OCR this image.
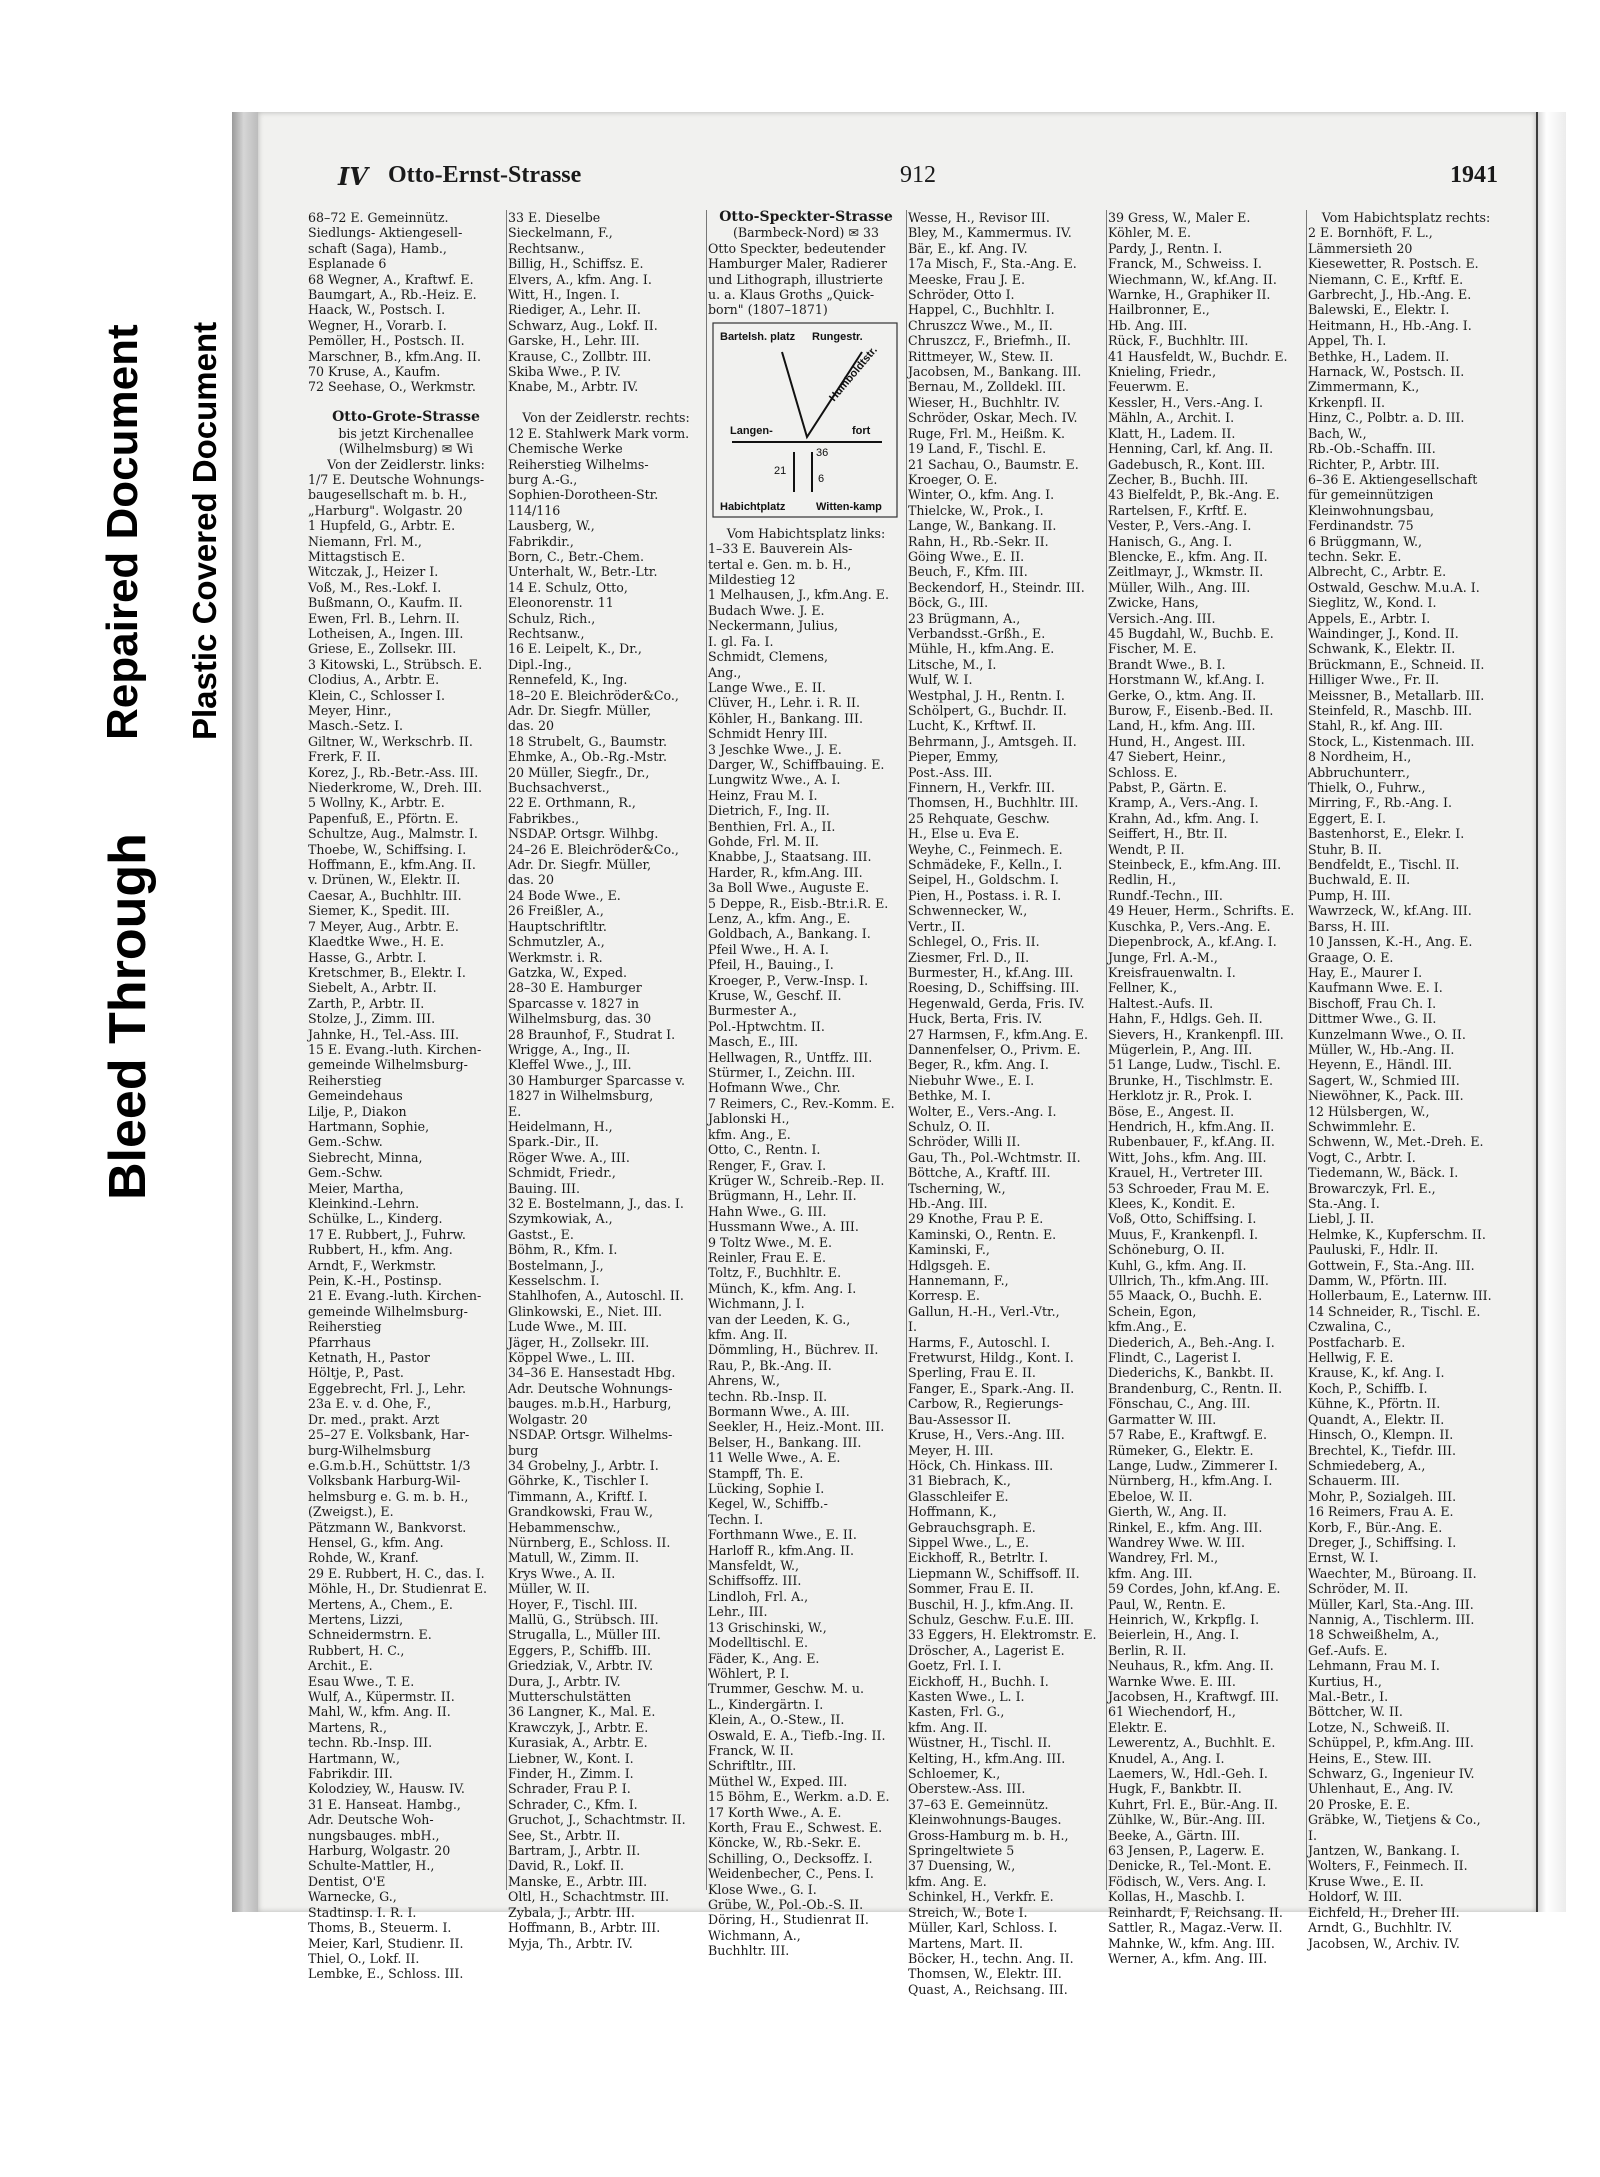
Bleed Through
Repaired Document Plastic Covered Document
IV Otto-Ernst-Strasse	912	1941
68–72 E. Gemeinnütz.
Siedlungs- Aktiengesell-
schaft (Saga), Hamb.,
Esplanade 6
68 Wegner, A., Kraftwf. E.
Baumgart, A., Rb.-Heiz. E.
Haack, W., Postsch. I.
Wegner, H., Vorarb. I.
Pemöller, H., Postsch. II.
Marschner, B., kfm.Ang. II.
70 Kruse, A., Kaufm.
72 Seehase, O., Werkmstr.

Otto-Grote-Strasse
bis jetzt Kirchenallee
(Wilhelmsburg) ✉ Wi
Von der Zeidlerstr. links:
1/7 E. Deutsche Wohnungs-
baugesellschaft m. b. H.,
„Harburg". Wolgastr. 20
1 Hupfeld, G., Arbtr. E.
Niemann, Frl. M.,
Mittagstisch E.
Witczak, J., Heizer I.
Voß, M., Res.-Lokf. I.
Bußmann, O., Kaufm. II.
Ewen, Frl. B., Lehrn. II.
Lotheisen, A., Ingen. III.
Griese, E., Zollsekr. III.
3 Kitowski, L., Strübsch. E.
Clodius, A., Arbtr. E.
Klein, C., Schlosser I.
Meyer, Hinr.,
Masch.-Setz. I.
Giltner, W., Werkschrb. II.
Frerk, F. II.
Korez, J., Rb.-Betr.-Ass. III.
Niederkrome, W., Dreh. III.
5 Wollny, K., Arbtr. E.
Papenfuß, E., Pförtn. E.
Schultze, Aug., Malmstr. I.
Thoebe, W., Schiffsing. I.
Hoffmann, E., kfm.Ang. II.
v. Drünen, W., Elektr. II.
Caesar, A., Buchhltr. III.
Siemer, K., Spedit. III.
7 Meyer, Aug., Arbtr. E.
Klaedtke Wwe., H. E.
Hasse, G., Arbtr. I.
Kretschmer, B., Elektr. I.
Siebelt, A., Arbtr. II.
Zarth, P., Arbtr. II.
Stolze, J., Zimm. III.
Jahnke, H., Tel.-Ass. III.
15 E. Evang.-luth. Kirchen-
gemeinde Wilhelmsburg-
Reiherstieg
Gemeindehaus
Lilje, P., Diakon
Hartmann, Sophie,
Gem.-Schw.
Siebrecht, Minna,
Gem.-Schw.
Meier, Martha,
Kleinkind.-Lehrn.
Schülke, L., Kinderg.
17 E. Rubbert, J., Fuhrw.
Rubbert, H., kfm. Ang.
Arndt, F., Werkmstr.
Pein, K.-H., Postinsp.
21 E. Evang.-luth. Kirchen-
gemeinde Wilhelmsburg-
Reiherstieg
Pfarrhaus
Ketnath, H., Pastor
Höltje, P., Past.
Eggebrecht, Frl. J., Lehr.
23a E. v. d. Ohe, F.,
Dr. med., prakt. Arzt
25–27 E. Volksbank, Har-
burg-Wilhelmsburg
e.G.m.b.H., Schüttstr. 1/3
Volksbank Harburg-Wil-
helmsburg e. G. m. b. H.,
(Zweigst.), E.
Pätzmann W., Bankvorst.
Hensel, G., kfm. Ang.
Rohde, W., Kranf.
29 E. Rubbert, H. C., das. I.
Möhle, H., Dr. Studienrat E.
Mertens, A., Chem., E.
Mertens, Lizzi,
Schneidermstrn. E.
Rubbert, H. C.,
Archit., E.
Esau Wwe., T. E.
Wulf, A., Küpermstr. II.
Mahl, W., kfm. Ang. II.
Martens, R.,
techn. Rb.-Insp. III.
Hartmann, W.,
Fabrikdir. III.
Kolodziey, W., Hausw. IV.
31 E. Hanseat. Hambg.,
Adr. Deutsche Woh-
nungsbauges. mbH.,
Harburg, Wolgastr. 20
Schulte-Mattler, H.,
Dentist, O'E
Warnecke, G.,
Stadtinsp. I. R. I.
Thoms, B., Steuerm. I.
Meier, Karl, Studienr. II.
Thiel, O., Lokf. II.
Lembke, E., Schloss. III.
33 E. Dieselbe
Sieckelmann, F.,
Rechtsanw.,
Billig, H., Schiffsz. E.
Elvers, A., kfm. Ang. I.
Witt, H., Ingen. I.
Riediger, A., Lehr. II.
Schwarz, Aug., Lokf. II.
Garske, H., Lehr. III.
Krause, C., Zollbtr. III.
Skiba Wwe., P. IV.
Knabe, M., Arbtr. IV.

Von der Zeidlerstr. rechts:
12 E. Stahlwerk Mark vorm.
Chemische Werke
Reiherstieg Wilhelms-
burg A.-G.,
Sophien-Dorotheen-Str.
114/116
Lausberg, W.,
Fabrikdir.,
Born, C., Betr.-Chem.
Unterhalt, W., Betr.-Ltr.
14 E. Schulz, Otto,
Eleonorenstr. 11
Schulz, Rich.,
Rechtsanw.,
16 E. Leipelt, K., Dr.,
Dipl.-Ing.,
Rennefeld, K., Ing.
18–20 E. Bleichröder&Co.,
Adr. Dr. Siegfr. Müller,
das. 20
18 Strubelt, G., Baumstr.
Ehmke, A., Ob.-Rg.-Mstr.
20 Müller, Siegfr., Dr.,
Buchsachverst.,
22 E. Orthmann, R.,
Fabrikbes.,
NSDAP. Ortsgr. Wilhbg.
24–26 E. Bleichröder&Co.,
Adr. Dr. Siegfr. Müller,
das. 20
24 Bode Wwe., E.
26 Freißler, A.,
Hauptschriftltr.
Schmutzler, A.,
Werkmstr. i. R.
Gatzka, W., Exped.
28–30 E. Hamburger
Sparcasse v. 1827 in
Wilhelmsburg, das. 30
28 Braunhof, F., Studrat I.
Wrigge, A., Ing., II.
Kleffel Wwe., J., III.
30 Hamburger Sparcasse v.
1827 in Wilhelmsburg,
E.
Heidelmann, H.,
Spark.-Dir., II.
Röger Wwe. A., III.
Schmidt, Friedr.,
Bauing. III.
32 E. Bostelmann, J., das. I.
Szymkowiak, A.,
Gastst., E.
Böhm, R., Kfm. I.
Bostelmann, J.,
Kesselschm. I.
Stahlhofen, A., Autoschl. II.
Glinkowski, E., Niet. III.
Lude Wwe., M. III.
Jäger, H., Zollsekr. III.
Köppel Wwe., L. III.
34–36 E. Hansestadt Hbg.
Adr. Deutsche Wohnungs-
bauges. m.b.H., Harburg,
Wolgastr. 20
NSDAP. Ortsgr. Wilhelms-
burg
34 Grobelny, J., Arbtr. I.
Göhrke, K., Tischler I.
Timmann, A., Kriftf. I.
Grandkowski, Frau W.,
Hebammenschw.,
Nürnberg, E., Schloss. II.
Matull, W., Zimm. II.
Krys Wwe., A. II.
Müller, W. II.
Hoyer, F., Tischl. III.
Mallü, G., Strübsch. III.
Strugalla, L., Müller III.
Eggers, P., Schiffb. III.
Griedziak, V., Arbtr. IV.
Dura, J., Arbtr. IV.
Mutterschulstätten
36 Langner, K., Mal. E.
Krawczyk, J., Arbtr. E.
Kurasiak, A., Arbtr. E.
Liebner, W., Kont. I.
Finder, H., Zimm. I.
Schrader, Frau P. I.
Schrader, C., Kfm. I.
Gruchot, J., Schachtmstr. II.
See, St., Arbtr. II.
Bartram, J., Arbtr. II.
David, R., Lokf. II.
Manske, E., Arbtr. III.
Oltl, H., Schachtmstr. III.
Zybala, J., Arbtr. III.
Hoffmann, B., Arbtr. III.
Myja, Th., Arbtr. IV.
Otto-Speckter-Strasse
(Barmbeck-Nord) ✉ 33
Otto Speckter, bedeutender
Hamburger Maler, Radierer
und Lithograph, illustrierte
u. a. Klaus Groths „Quick-
born" (1807–1871)
Bartelsh. platz Rungestr.
Humboldtstr.
Langen-	fort
Habichtplatz	Witten-kamp
36
21
6
Vom Habichtsplatz links:
1–33 E. Bauverein Als-
tertal e. Gen. m. b. H.,
Mildestieg 12
1 Melhausen, J., kfm.Ang. E.
Budach Wwe. J. E.
Neckermann, Julius,
I. gl. Fa. I.
Schmidt, Clemens,
Ang.,
Lange Wwe., E. II.
Clüver, H., Lehr. i. R. II.
Köhler, H., Bankang. III.
Schmidt Henry III.
3 Jeschke Wwe., J. E.
Darger, W., Schiffbauing. E.
Lungwitz Wwe., A. I.
Heinz, Frau M. I.
Dietrich, F., Ing. II.
Benthien, Frl. A., II.
Gohde, Frl. M. II.
Knabbe, J., Staatsang. III.
Harder, R., kfm.Ang. III.
3a Boll Wwe., Auguste E.
5 Deppe, R., Eisb.-Btr.i.R. E.
Lenz, A., kfm. Ang., E.
Goldbach, A., Bankang. I.
Pfeil Wwe., H. A. I.
Pfeil, H., Bauing., I.
Kroeger, P., Verw.-Insp. I.
Kruse, W., Geschf. II.
Burmester A.,
Pol.-Hptwchtm. II.
Masch, E., III.
Hellwagen, R., Untffz. III.
Stürmer, I., Zeichn. III.
Hofmann Wwe., Chr.
7 Reimers, C., Rev.-Komm. E.
Jablonski H.,
kfm. Ang., E.
Otto, C., Rentn. I.
Renger, F., Grav. I.
Krüger W., Schreib.-Rep. II.
Brügmann, H., Lehr. II.
Hahn Wwe., G. III.
Hussmann Wwe., A. III.
9 Toltz Wwe., M. E.
Reinler, Frau E. E.
Toltz, F., Buchhltr. E.
Münch, K., kfm. Ang. I.
Wichmann, J. I.
van der Leeden, K. G.,
kfm. Ang. II.
Dömmling, H., Büchrev. II.
Rau, P., Bk.-Ang. II.
Ahrens, W.,
techn. Rb.-Insp. II.
Bormann Wwe., A. III.
Seekler, H., Heiz.-Mont. III.
Belser, H., Bankang. III.
11 Welle Wwe., A. E.
Stampff, Th. E.
Lücking, Sophie I.
Kegel, W., Schiffb.-
Techn. I.
Forthmann Wwe., E. II.
Harloff R., kfm.Ang. II.
Mansfeldt, W.,
Schiffsoffz. III.
Lindloh, Frl. A.,
Lehr., III.
13 Grischinski, W.,
Modelltischl. E.
Fäder, K., Ang. E.
Wöhlert, P. I.
Trummer, Geschw. M. u.
L., Kindergärtn. I.
Klein, A., O.-Stew., II.
Oswald, E. A., Tiefb.-Ing. II.
Franck, W. II.
Schriftltr., III.
Müthel W., Exped. III.
15 Böhm, E., Werkm. a.D. E.
17 Korth Wwe., A. E.
Korth, Frau E., Schwest. E.
Köncke, W., Rb.-Sekr. E.
Schilling, O., Decksoffz. I.
Weidenbecher, C., Pens. I.
Klose Wwe., G. I.
Grübe, W., Pol.-Ob.-S. II.
Döring, H., Studienrat II.
Wichmann, A.,
Buchhltr. III.
Wesse, H., Revisor III.
Bley, M., Kammermus. IV.
Bär, E., kf. Ang. IV.
17a Misch, F., Sta.-Ang. E.
Meeske, Frau J. E.
Schröder, Otto I.
Happel, C., Buchhltr. I.
Chruszcz Wwe., M., II.
Chruszcz, F., Briefmh., II.
Rittmeyer, W., Stew. II.
Jacobsen, M., Bankang. III.
Bernau, M., Zolldekl. III.
Wieser, H., Buchhltr. IV.
Schröder, Oskar, Mech. IV.
Ruge, Frl. M., Heißm. K.
19 Land, F., Tischl. E.
21 Sachau, O., Baumstr. E.
Kroeger, O. E.
Winter, O., kfm. Ang. I.
Thielcke, W., Prok., I.
Lange, W., Bankang. II.
Rahn, H., Rb.-Sekr. II.
Göing Wwe., E. II.
Beuch, F., Kfm. III.
Beckendorf, H., Steindr. III.
Böck, G., III.
23 Brügmann, A.,
Verbandsst.-Grßh., E.
Mühle, H., kfm.Ang. E.
Litsche, M., I.
Wulf, W. I.
Westphal, J. H., Rentn. I.
Schölpert, G., Buchdr. II.
Lucht, K., Krftwf. II.
Behrmann, J., Amtsgeh. II.
Pieper, Emmy,
Post.-Ass. III.
Finnern, H., Verkfr. III.
Thomsen, H., Buchhltr. III.
25 Rehquate, Geschw.
H., Else u. Eva E.
Weyhe, C., Feinmech. E.
Schmädeke, F., Kelln., I.
Seipel, H., Goldschm. I.
Pien, H., Postass. i. R. I.
Schwennecker, W.,
Vertr., II.
Schlegel, O., Fris. II.
Ziesmer, Frl. D., II.
Burmester, H., kf.Ang. III.
Roesing, D., Schiffsing. III.
Hegenwald, Gerda, Fris. IV.
Huck, Berta, Fris. IV.
27 Harmsen, F., kfm.Ang. E.
Dannenfelser, O., Privm. E.
Beger, R., kfm. Ang. I.
Niebuhr Wwe., E. I.
Bethke, M. I.
Wolter, E., Vers.-Ang. I.
Schulz, O. II.
Schröder, Willi II.
Gau, Th., Pol.-Wchtmstr. II.
Böttche, A., Kraftf. III.
Tscherning, W.,
Hb.-Ang. III.
29 Knothe, Frau P. E.
Kaminski, O., Rentn. E.
Kaminski, F.,
Hdlgsgeh. E.
Hannemann, F.,
Korresp. E.
Gallun, H.-H., Verl.-Vtr.,
I.
Harms, F., Autoschl. I.
Fretwurst, Hildg., Kont. I.
Sperling, Frau E. II.
Fanger, E., Spark.-Ang. II.
Carbow, R., Regierungs-
Bau-Assessor II.
Kruse, H., Vers.-Ang. III.
Meyer, H. III.
Höck, Ch. Hinkass. III.
31 Biebrach, K.,
Glasschleifer E.
Hoffmann, K.,
Gebrauchsgraph. E.
Sippel Wwe., L., E.
Eickhoff, R., Betrltr. I.
Liepmann W., Schiffsoff. II.
Sommer, Frau E. II.
Buschil, H. J., kfm.Ang. II.
Schulz, Geschw. F.u.E. III.
33 Eggers, H. Elektromstr. E.
Dröscher, A., Lagerist E.
Goetz, Frl. I. I.
Eickhoff, H., Buchh. I.
Kasten Wwe., L. I.
Kasten, Frl. G.,
kfm. Ang. II.
Wüstner, H., Tischl. II.
Kelting, H., kfm.Ang. III.
Schloemer, K.,
Oberstew.-Ass. III.
37–63 E. Gemeinnütz.
Kleinwohnungs-Bauges.
Gross-Hamburg m. b. H.,
Springeltwiete 5
37 Duensing, W.,
kfm. Ang. E.
Schinkel, H., Verkfr. E.
Streich, W., Bote I.
Müller, Karl, Schloss. I.
Martens, Mart. II.
Böcker, H., techn. Ang. II.
Thomsen, W., Elektr. III.
Quast, A., Reichsang. III.
39 Gress, W., Maler E.
Köhler, M. E.
Pardy, J., Rentn. I.
Franck, M., Schweiss. I.
Wiechmann, W., kf.Ang. II.
Warnke, H., Graphiker II.
Hailbronner, E.,
Hb. Ang. III.
Rück, F., Buchhltr. III.
41 Hausfeldt, W., Buchdr. E.
Knieling, Friedr.,
Feuerwm. E.
Kessler, H., Vers.-Ang. I.
Mähln, A., Archit. I.
Klatt, H., Ladem. II.
Henning, Carl, kf. Ang. II.
Gadebusch, R., Kont. III.
Zecher, B., Buchh. III.
43 Bielfeldt, P., Bk.-Ang. E.
Rartelsen, F., Krftf. E.
Vester, P., Vers.-Ang. I.
Hanisch, G., Ang. I.
Blencke, E., kfm. Ang. II.
Zeitlmayr, J., Wkmstr. II.
Müller, Wilh., Ang. III.
Zwicke, Hans,
Versich.-Ang. III.
45 Bugdahl, W., Buchb. E.
Fischer, M. E.
Brandt Wwe., B. I.
Horstmann W., kf.Ang. I.
Gerke, O., ktm. Ang. II.
Burow, F., Eisenb.-Bed. II.
Land, H., kfm. Ang. III.
Hund, H., Angest. III.
47 Siebert, Heinr.,
Schloss. E.
Pabst, P., Gärtn. E.
Kramp, A., Vers.-Ang. I.
Krahn, Ad., kfm. Ang. I.
Seiffert, H., Btr. II.
Wendt, P. II.
Steinbeck, E., kfm.Ang. III.
Redlin, H.,
Rundf.-Techn., III.
49 Heuer, Herm., Schrifts. E.
Kuschka, P., Vers.-Ang. E.
Diepenbrock, A., kf.Ang. I.
Junge, Frl. A.-M.,
Kreisfrauenwaltn. I.
Fellner, K.,
Haltest.-Aufs. II.
Hahn, F., Hdlgs. Geh. II.
Sievers, H., Krankenpfl. III.
Mügerlein, P., Ang. III.
51 Lange, Ludw., Tischl. E.
Brunke, H., Tischlmstr. E.
Herklotz jr. R., Prok. I.
Böse, E., Angest. II.
Hendrich, H., kfm.Ang. II.
Rubenbauer, F., kf.Ang. II.
Witt, Johs., kfm. Ang. III.
Krauel, H., Vertreter III.
53 Schroeder, Frau M. E.
Klees, K., Kondit. E.
Voß, Otto, Schiffsing. I.
Muus, F., Krankenpfl. I.
Schöneburg, O. II.
Kuhl, G., kfm. Ang. II.
Ullrich, Th., kfm.Ang. III.
55 Maack, O., Buchh. E.
Schein, Egon,
kfm.Ang., E.
Diederich, A., Beh.-Ang. I.
Flindt, C., Lagerist I.
Diederichs, K., Bankbt. II.
Brandenburg, C., Rentn. II.
Fönschau, C., Ang. III.
Garmatter W. III.
57 Rabe, E., Kraftwgf. E.
Rümeker, G., Elektr. E.
Lange, Ludw., Zimmerer I.
Nürnberg, H., kfm.Ang. I.
Ebeloe, W. II.
Gierth, W., Ang. II.
Rinkel, E., kfm. Ang. III.
Wandrey Wwe. W. III.
Wandrey, Frl. M.,
kfm. Ang. III.
59 Cordes, John, kf.Ang. E.
Paul, W., Rentn. E.
Heinrich, W., Krkpflg. I.
Beierlein, H., Ang. I.
Berlin, R. II.
Neuhaus, R., kfm. Ang. II.
Warnke Wwe. E. III.
Jacobsen, H., Kraftwgf. III.
61 Wiechendorf, H.,
Elektr. E.
Lewerentz, A., Buchhlt. E.
Knudel, A., Ang. I.
Laemers, W., Hdl.-Geh. I.
Hugk, F., Bankbtr. II.
Kuhrt, Frl. E., Bür.-Ang. II.
Zühlke, W., Bür.-Ang. III.
Beeke, A., Gärtn. III.
63 Jensen, P., Lagerw. E.
Denicke, R., Tel.-Mont. E.
Födisch, W., Vers. Ang. I.
Kollas, H., Maschb. I.
Reinhardt, F, Reichsang. II.
Sattler, R., Magaz.-Verw. II.
Mahnke, W., kfm. Ang. III.
Werner, A., kfm. Ang. III.
Vom Habichtsplatz rechts:
2 E. Bornhöft, F. L.,
Lämmersieth 20
Kiesewetter, R. Postsch. E.
Niemann, C. E., Krftf. E.
Garbrecht, J., Hb.-Ang. E.
Balewski, E., Elektr. I.
Heitmann, H., Hb.-Ang. I.
Appel, Th. I.
Bethke, H., Ladem. II.
Harnack, W., Postsch. II.
Zimmermann, K.,
Krkenpfl. II.
Hinz, C., Polbtr. a. D. III.
Bach, W.,
Rb.-Ob.-Schaffn. III.
Richter, P., Arbtr. III.
6–36 E. Aktiengesellschaft
für gemeinnützigen
Kleinwohnungsbau,
Ferdinandstr. 75
6 Brüggmann, W.,
techn. Sekr. E.
Albrecht, C., Arbtr. E.
Ostwald, Geschw. M.u.A. I.
Sieglitz, W., Kond. I.
Appels, E., Arbtr. I.
Waindinger, J., Kond. II.
Schwank, K., Elektr. II.
Brückmann, E., Schneid. II.
Hilliger Wwe., Fr. II.
Meissner, B., Metallarb. III.
Steinfeld, R., Maschb. III.
Stahl, R., kf. Ang. III.
Stock, L., Kistenmach. III.
8 Nordheim, H.,
Abbruchunterr.,
Thielk, O., Fuhrw.,
Mirring, F., Rb.-Ang. I.
Eggert, E. I.
Bastenhorst, E., Elekr. I.
Stuhr, B. II.
Bendfeldt, E., Tischl. II.
Buchwald, E. II.
Pump, H. III.
Wawrzeck, W., kf.Ang. III.
Barss, H. III.
10 Janssen, K.-H., Ang. E.
Graage, O. E.
Hay, E., Maurer I.
Kaufmann Wwe. E. I.
Bischoff, Frau Ch. I.
Dittmer Wwe., G. II.
Kunzelmann Wwe., O. II.
Müller, W., Hb.-Ang. II.
Heyenn, E., Händl. III.
Sagert, W., Schmied III.
Niewöhner, K., Pack. III.
12 Hülsbergen, W.,
Schwimmlehr. E.
Schwenn, W., Met.-Dreh. E.
Vogt, C., Arbtr. I.
Tiedemann, W., Bäck. I.
Browarczyk, Frl. E.,
Sta.-Ang. I.
Liebl, J. II.
Helmke, K., Kupferschm. II.
Pauluski, F., Hdlr. II.
Gottwein, F., Sta.-Ang. III.
Damm, W., Pförtn. III.
Hollerbaum, E., Laternw. III.
14 Schneider, R., Tischl. E.
Czwalina, C.,
Postfacharb. E.
Hellwig, F. E.
Krause, K., kf. Ang. I.
Koch, P., Schiffb. I.
Kühne, K., Pförtn. II.
Quandt, A., Elektr. II.
Hinsch, O., Klempn. II.
Brechtel, K., Tiefdr. III.
Schmiedeberg, A.,
Schauerm. III.
Mohr, P., Sozialgeh. III.
16 Reimers, Frau A. E.
Korb, F., Bür.-Ang. E.
Dreger, J., Schiffsing. I.
Ernst, W. I.
Waechter, M., Büroang. II.
Schröder, M. II.
Müller, Karl, Sta.-Ang. III.
Nannig, A., Tischlerm. III.
18 Schweißhelm, A.,
Gef.-Aufs. E.
Lehmann, Frau M. I.
Kurtius, H.,
Mal.-Betr., I.
Böttcher, W. II.
Lotze, N., Schweiß. II.
Schüppel, P., kfm.Ang. III.
Heins, E., Stew. III.
Schwarz, G., Ingenieur IV.
Uhlenhaut, E., Ang. IV.
20 Proske, E. E.
Gräbke, W., Tietjens & Co.,
I.
Jantzen, W., Bankang. I.
Wolters, F., Feinmech. II.
Kruse Wwe., E. II.
Holdorf, W. III.
Eichfeld, H., Dreher III.
Arndt, G., Buchhltr. IV.
Jacobsen, W., Archiv. IV.
